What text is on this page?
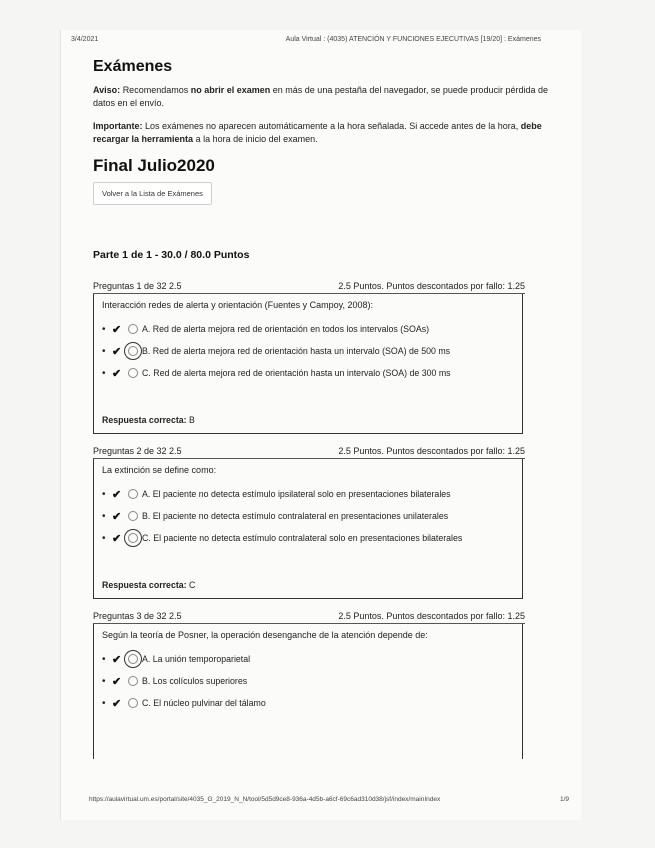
3/4/2021	Aula Virtual : (4035) ATENCIÓN Y FUNCIONES EJECUTIVAS [19/20] : Exámenes
Exámenes

Aviso: Recomendamos no abrir el examen en más de una pestaña del navegador, se puede producir pérdida de datos en el envío.

Importante: Los exámenes no aparecen automáticamente a la hora señalada. Si accede antes de la hora, debe recargar la herramienta a la hora de inicio del examen.

Final Julio2020
Volver a la Lista de Exámenes
Parte 1 de 1 - 30.0 / 80.0 Puntos
Preguntas 1 de 32 2.5	2.5 Puntos. Puntos descontados por fallo: 1.25
Interacción redes de alerta y orientación (Fuentes y Campoy, 2008):
• ✔	A. Red de alerta mejora red de orientación en todos los intervalos (SOAs)
• ✔	B. Red de alerta mejora red de orientación hasta un intervalo (SOA) de 500 ms
• ✔	C. Red de alerta mejora red de orientación hasta un intervalo (SOA) de 300 ms
Respuesta correcta: B
Preguntas 2 de 32 2.5	2.5 Puntos. Puntos descontados por fallo: 1.25
La extinción se define como:
• ✔	A. El paciente no detecta estímulo ipsilateral solo en presentaciones bilaterales
• ✔	B. El paciente no detecta estímulo contralateral en presentaciones unilaterales
• ✔	C. El paciente no detecta estímulo contralateral solo en presentaciones bilaterales
Respuesta correcta: C
Preguntas 3 de 32 2.5	2.5 Puntos. Puntos descontados por fallo: 1.25
Según la teoría de Posner, la operación desenganche de la atención depende de:
• ✔	A. La unión temporoparietal
• ✔	B. Los colículos superiores
• ✔	C. El núcleo pulvinar del tálamo
https://aulavirtual.um.es/portal/site/4035_G_2019_N_N/tool/5d5d9ce8-936a-4d5b-a6cf-69c6ad310d38/jsf/index/mainIndex	1/9
